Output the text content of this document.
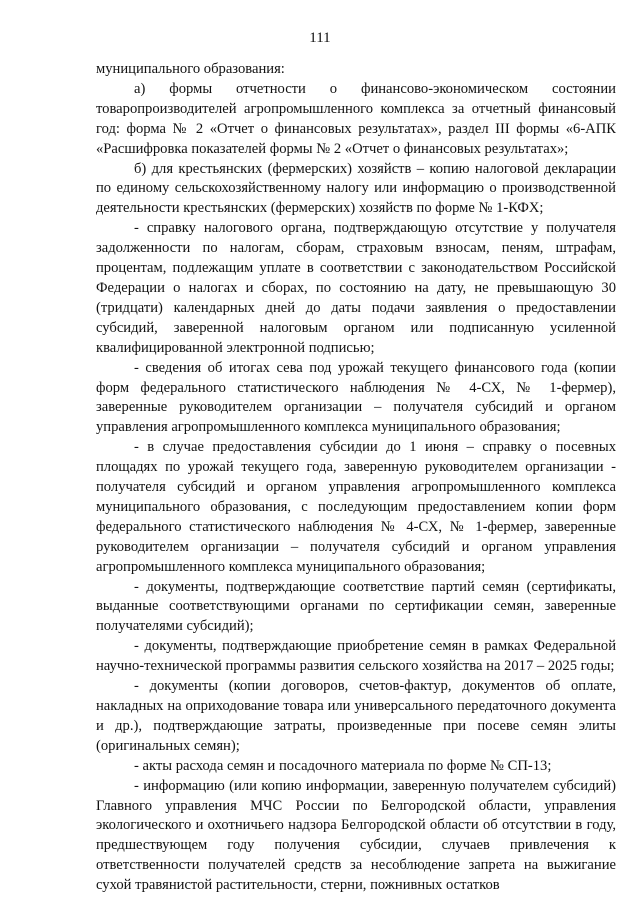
111

муниципального образования:

а) формы отчетности о финансово-экономическом состоянии товаропроизводителей агропромышленного комплекса за отчетный финансовый год: форма № 2 «Отчет о финансовых результатах», раздел III формы «6-АПК «Расшифровка показателей формы № 2 «Отчет о финансовых результатах»;

б) для крестьянских (фермерских) хозяйств – копию налоговой декларации по единому сельскохозяйственному налогу или информацию о производственной деятельности крестьянских (фермерских) хозяйств по форме № 1-КФХ;

- справку налогового органа, подтверждающую отсутствие у получателя задолженности по налогам, сборам, страховым взносам, пеням, штрафам, процентам, подлежащим уплате в соответствии с законодательством Российской Федерации о налогах и сборах, по состоянию на дату, не превышающую 30 (тридцати) календарных дней до даты подачи заявления о предоставлении субсидий, заверенной налоговым органом или подписанную усиленной квалифицированной электронной подписью;

- сведения об итогах сева под урожай текущего финансового года (копии форм федерального статистического наблюдения № 4-СХ, № 1-фермер), заверенные руководителем организации – получателя субсидий и органом управления агропромышленного комплекса муниципального образования;

- в случае предоставления субсидии до 1 июня – справку о посевных площадях по урожай текущего года, заверенную руководителем организации - получателя субсидий и органом управления агропромышленного комплекса муниципального образования, с последующим предоставлением копии форм федерального статистического наблюдения № 4-СХ, № 1-фермер, заверенные руководителем организации – получателя субсидий и органом управления агропромышленного комплекса муниципального образования;

- документы, подтверждающие соответствие партий семян (сертификаты, выданные соответствующими органами по сертификации семян, заверенные получателями субсидий);

- документы, подтверждающие приобретение семян в рамках Федеральной научно-технической программы развития сельского хозяйства на 2017 – 2025 годы;

- документы (копии договоров, счетов-фактур, документов об оплате, накладных на оприходование товара или универсального передаточного документа и др.), подтверждающие затраты, произведенные при посеве семян элиты (оригинальных семян);

- акты расхода семян и посадочного материала по форме № СП-13;

- информацию (или копию информации, заверенную получателем субсидий) Главного управления МЧС России по Белгородской области, управления экологического и охотничьего надзора Белгородской области об отсутствии в году, предшествующем году получения субсидии, случаев привлечения к ответственности получателей средств за несоблюдение запрета на выжигание сухой травянистой растительности, стерни, пожнивных остатков
